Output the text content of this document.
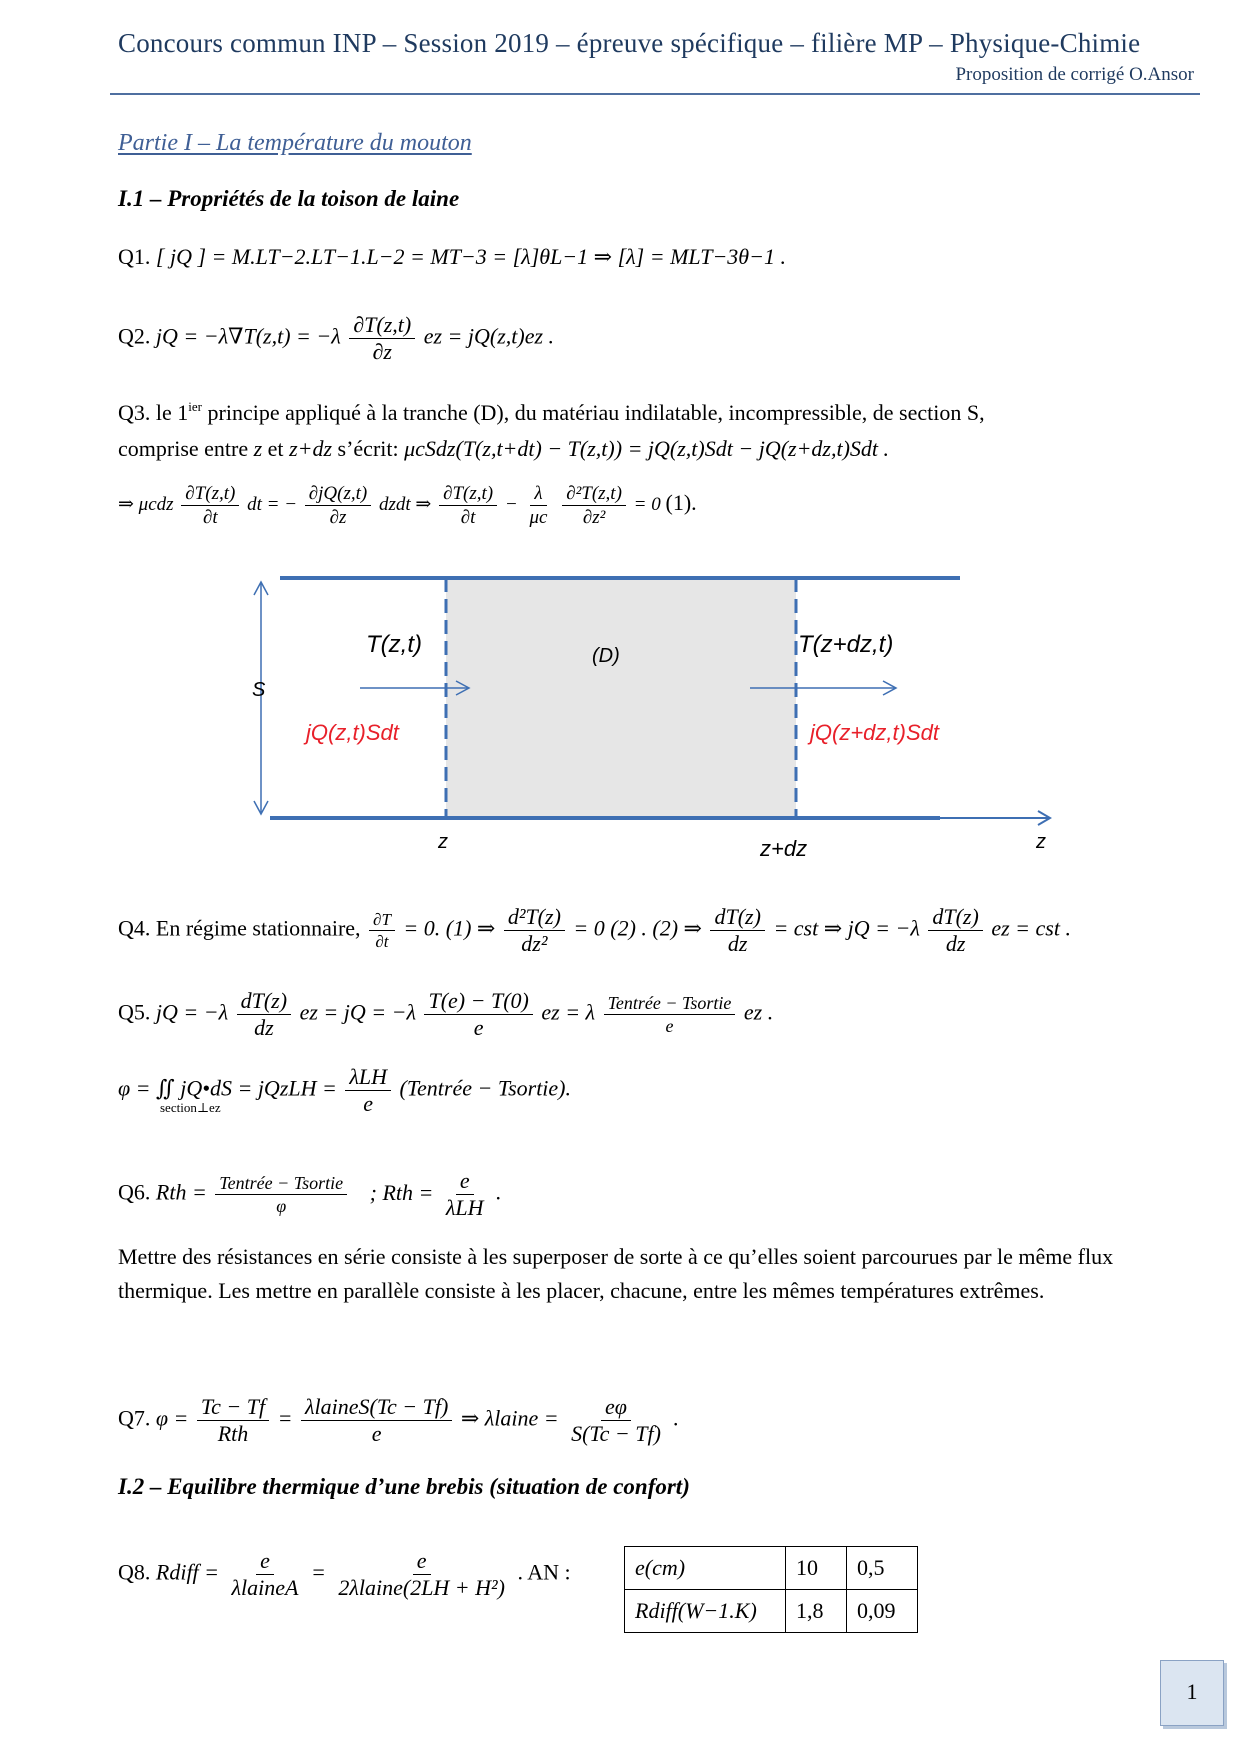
Concours commun INP – Session 2019 – épreuve spécifique – filière MP – Physique-Chimie
Proposition de corrigé O.Ansor
Partie I – La température du mouton
I.1 – Propriétés de la toison de laine
Q1. [ jQ ] = M.LT−2.LT−1.L−2 = MT−3 = [λ]θL−1 ⇒ [λ] = MLT−3θ−1 .
Q2. jQ = $-\lambda\nabla T(z,t) = -\lambda \frac{\partial T(z,t)}{\partial z}$ ez = jQ(z,t)ez .
Q3. le $1^{ier}$ principe appliqué à la tranche (D), du matériau indilatable, incompressible, de section S,
comprise entre z et z+dz s’écrit: μcSdz(T(z,t+dt) − T(z,t)) = jQ(z,t)Sdt − jQ(z+dz,t)Sdt .
⇒ μcdz $\frac{\partial T(z,t)}{\partial t}$ dt = − $\frac{\partial jQ(z,t)}{\partial z}$ dzdt ⇒ $\frac{\partial T(z,t)}{\partial t} - \frac{\lambda}{\mu c}$
$\frac{\text{∂²T(z,t)}}{\text{∂z²}} = 0$ (1).
T(z,t)	(D)	T(z+dz,t)
S
jQ(z,t)Sdt	jQ(z+dz,t)Sdt
z	z+dz	z
Q4. En régime stationnaire, $\frac{\partial T}{\partial t} = 0$. (1) ⇒ $\frac{\text{d²T(z)}}{\text{dz²}} = 0$ (2) . (2) ⇒ $\frac{dT(z)}{dz}$ = cst ⇒ jQ = $-\lambda \frac{dT(z)}{dz}$ ez = cst .
Q5. jQ = $-\lambda \frac{dT(z)}{dz}$ ez = jQ = $-\lambda \frac{T(e) - T(0)}{e}$ ez = λ $\frac{\text{Tentrée − Tsortie}}{e}$ ez .
φ = ∬ jQ•dS = jQzLH = $\frac{\text{λLH}}{e}$ (Tentrée − Tsortie).
section⊥ez
Q6. Rth = $\frac{\text{Tentrée − Tsortie}}{\varphi}$ ; Rth = $\frac{e}{\text{λLH}}$ .
Mettre des résistances en série consiste à les superposer de sorte à ce qu’elles soient parcourues par le même flux thermique. Les mettre en parallèle consiste à les placer, chacune, entre les mêmes températures extrêmes.
Q7. $\varphi = \frac{Tc - Tf}{\text{Rth}} = \frac{\text{λlaineS(Tc − Tf)}}{e}$ ⇒ λlaine = $\frac{e\varphi}{S(Tc - Tf)}$ .
I.2 – Equilibre thermique d’une brebis (situation de confort)
Q8. Rdiff = $\frac{e}{\text{λlaineA}} = \frac{e}{\text{2λlaine(2LH + H²)}}$ . AN :	e(cm)	10	0,5
Rdiff(W−1.K)	1,8	0,09
1
